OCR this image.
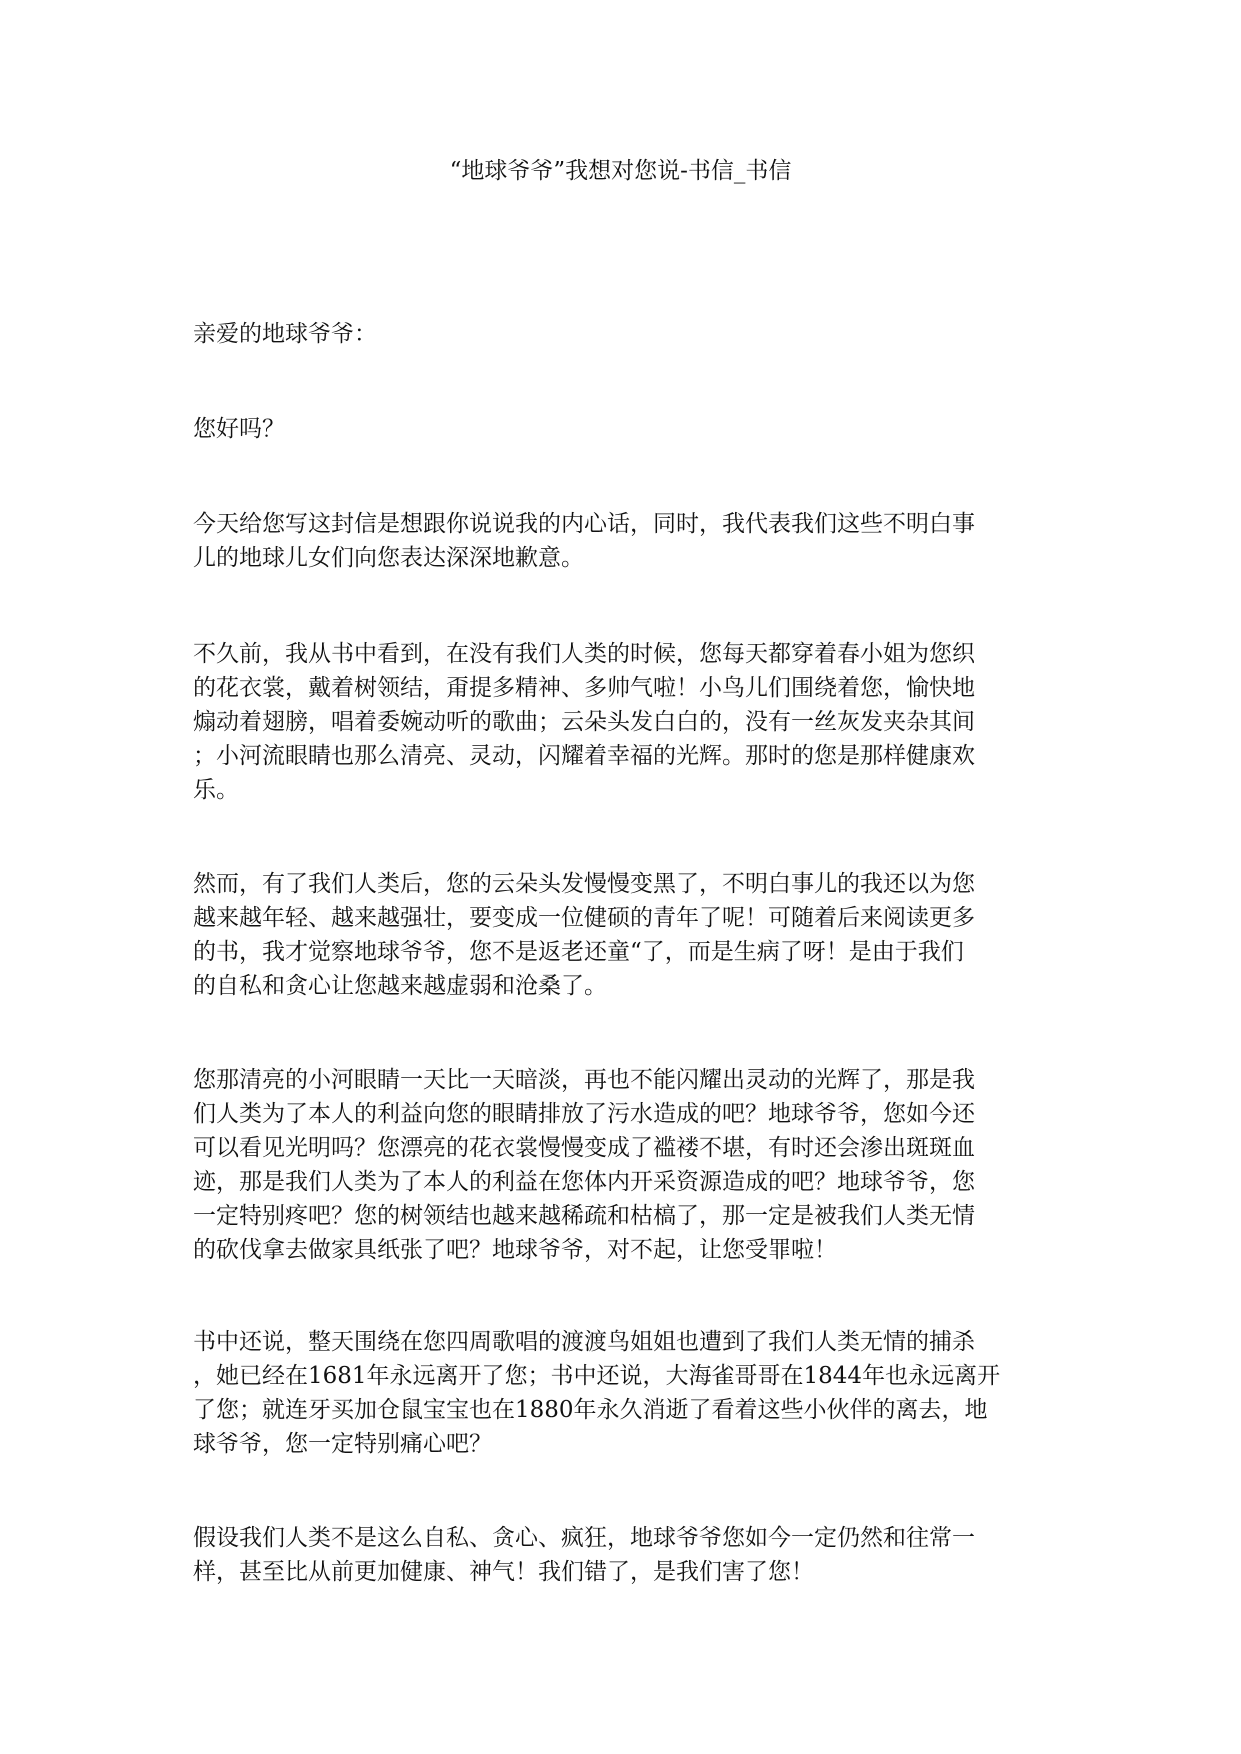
“地球爷爷”我想对您说-书信_书信
亲爱的地球爷爷：
您好吗？
今天给您写这封信是想跟你说说我的内心话，同时，我代表我们这些不明白事
儿的地球儿女们向您表达深深地歉意。
不久前，我从书中看到，在没有我们人类的时候，您每天都穿着春小姐为您织
的花衣裳，戴着树领结，甭提多精神、多帅气啦！小鸟儿们围绕着您，愉快地
煽动着翅膀，唱着委婉动听的歌曲；云朵头发白白的，没有一丝灰发夹杂其间
；小河流眼睛也那么清亮、灵动，闪耀着幸福的光辉。那时的您是那样健康欢
乐。
然而，有了我们人类后，您的云朵头发慢慢变黑了，不明白事儿的我还以为您
越来越年轻、越来越强壮，要变成一位健硕的青年了呢！可随着后来阅读更多
的书，我才觉察地球爷爷，您不是返老还童“了，而是生病了呀！是由于我们
的自私和贪心让您越来越虚弱和沧桑了。
您那清亮的小河眼睛一天比一天暗淡，再也不能闪耀出灵动的光辉了，那是我
们人类为了本人的利益向您的眼睛排放了污水造成的吧？地球爷爷，您如今还
可以看见光明吗？您漂亮的花衣裳慢慢变成了褴褛不堪，有时还会渗出斑斑血
迹，那是我们人类为了本人的利益在您体内开采资源造成的吧？地球爷爷，您
一定特别疼吧？您的树领结也越来越稀疏和枯槁了，那一定是被我们人类无情
的砍伐拿去做家具纸张了吧？地球爷爷，对不起，让您受罪啦！
书中还说，整天围绕在您四周歌唱的渡渡鸟姐姐也遭到了我们人类无情的捕杀
，她已经在1681年永远离开了您；书中还说，大海雀哥哥在1844年也永远离开
了您；就连牙买加仓鼠宝宝也在1880年永久消逝了看着这些小伙伴的离去，地
球爷爷，您一定特别痛心吧？
假设我们人类不是这么自私、贪心、疯狂，地球爷爷您如今一定仍然和往常一
样，甚至比从前更加健康、神气！我们错了，是我们害了您！
